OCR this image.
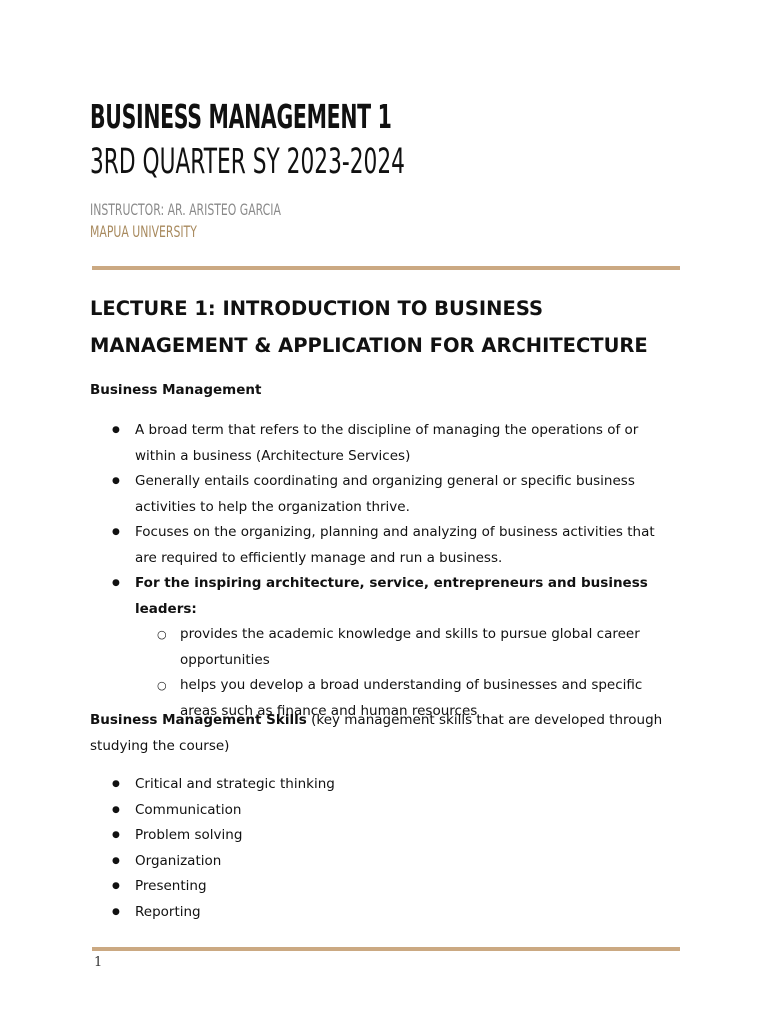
BUSINESS MANAGEMENT 1
3RD QUARTER SY 2023-2024

INSTRUCTOR: AR. ARISTEO GARCIA

MAPUA UNIVERSITY

LECTURE 1: INTRODUCTION TO BUSINESS MANAGEMENT & APPLICATION FOR ARCHITECTURE

Business Management

● A broad term that refers to the discipline of managing the operations of or within a business (Architecture Services)
● Generally entails coordinating and organizing general or specific business activities to help the organization thrive.
● Focuses on the organizing, planning and analyzing of business activities that are required to efficiently manage and run a business.
● For the inspiring architecture, service, entrepreneurs and business leaders:
○ provides the academic knowledge and skills to pursue global career opportunities
○ helps you develop a broad understanding of businesses and specific areas such as finance and human resources

Business Management Skills (key management skills that are developed through studying the course)

● Critical and strategic thinking
● Communication
● Problem solving
● Organization
● Presenting
● Reporting
1
